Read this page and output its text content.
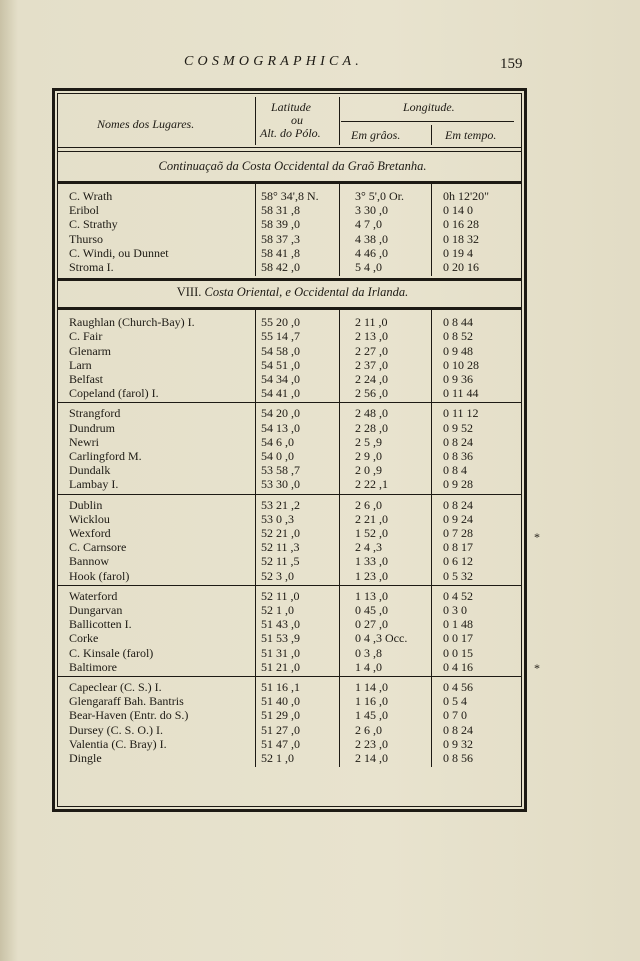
COSMOGRAPHICA.	159
Nomes dos Lugares.
Latitude
ou
Alt. do Pólo.
Longitude.
Em grâos.	Em tempo.
Continuaçaõ da Costa Occidental da Graõ Bretanha.
C. Wrath	58° 34',8 N.	3° 5',0 Or.	0h 12'20"
Eribol	58 31 ,8	3 30 ,0	0 14 0
C. Strathy	58 39 ,0	4 7 ,0	0 16 28
Thurso	58 37 ,3	4 38 ,0	0 18 32
C. Windi, ou Dunnet	58 41 ,8	4 46 ,0	0 19 4
Stroma I.	58 42 ,0	5 4 ,0	0 20 16
VIII. Costa Oriental, e Occidental da Irlanda.
Raughlan (Church-Bay) I.	55 20 ,0	2 11 ,0	0 8 44
C. Fair	55 14 ,7	2 13 ,0	0 8 52
Glenarm	54 58 ,0	2 27 ,0	0 9 48
Larn	54 51 ,0	2 37 ,0	0 10 28
Belfast	54 34 ,0	2 24 ,0	0 9 36
Copeland (farol) I.	54 41 ,0	2 56 ,0	0 11 44
Strangford	54 20 ,0	2 48 ,0	0 11 12
Dundrum	54 13 ,0	2 28 ,0	0 9 52
Newri	54 6 ,0	2 5 ,9	0 8 24
Carlingford M.	54 0 ,0	2 9 ,0	0 8 36
Dundalk	53 58 ,7	2 0 ,9	0 8 4
Lambay I.	53 30 ,0	2 22 ,1	0 9 28
Dublin	53 21 ,2	2 6 ,0	0 8 24
Wicklou	53 0 ,3	2 21 ,0	0 9 24
Wexford	52 21 ,0	1 52 ,0	0 7 28
C. Carnsore	52 11 ,3	2 4 ,3	0 8 17
Bannow	52 11 ,5	1 33 ,0	0 6 12
Hook (farol)	52 3 ,0	1 23 ,0	0 5 32
Waterford	52 11 ,0	1 13 ,0	0 4 52
Dungarvan	52 1 ,0	0 45 ,0	0 3 0
Ballicotten I.	51 43 ,0	0 27 ,0	0 1 48
Corke	51 53 ,9	0 4 ,3 Occ.	0 0 17
C. Kinsale (farol)	51 31 ,0	0 3 ,8	0 0 15
Baltimore	51 21 ,0	1 4 ,0	0 4 16
Capeclear (C. S.) I.	51 16 ,1	1 14 ,0	0 4 56
Glengaraff Bah. Bantris	51 40 ,0	1 16 ,0	0 5 4
Bear-Haven (Entr. do S.)	51 29 ,0	1 45 ,0	0 7 0
Dursey (C. S. O.) I.	51 27 ,0	2 6 ,0	0 8 24
Valentia (C. Bray) I.	51 47 ,0	2 23 ,0	0 9 32
Dingle	52 1 ,0	2 14 ,0	0 8 56
*
*
